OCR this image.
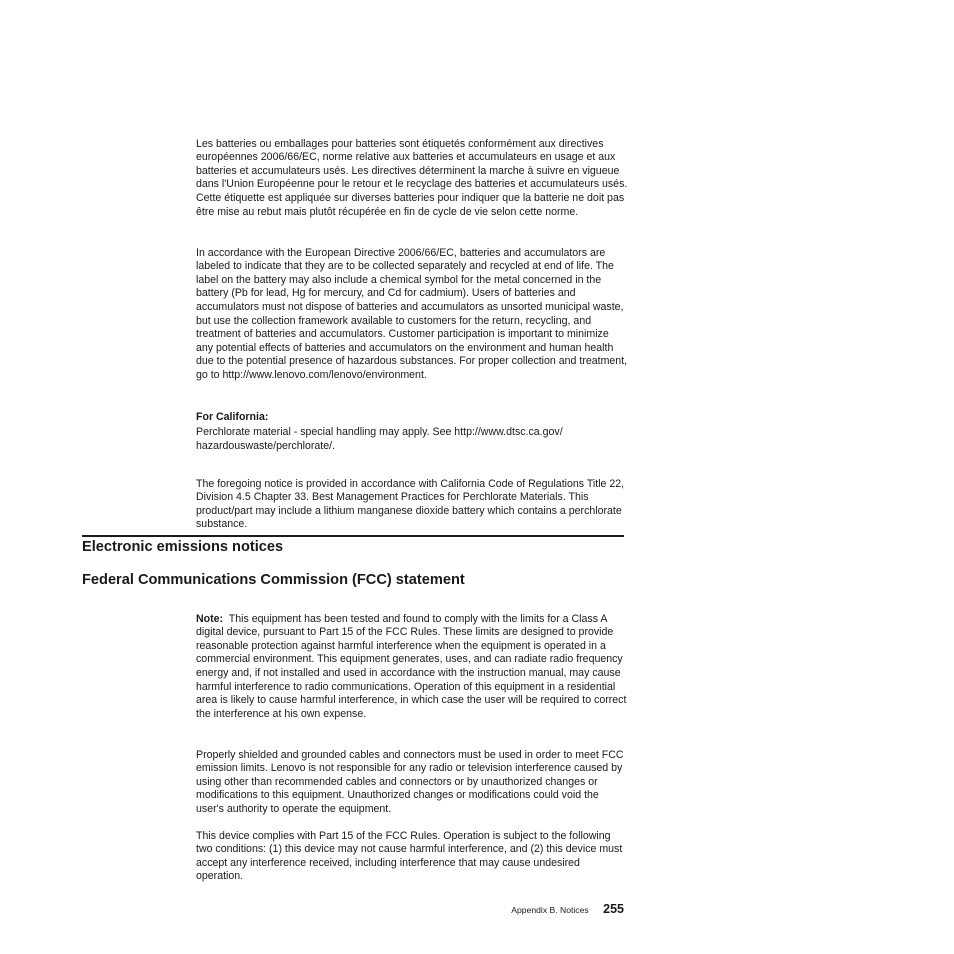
Les batteries ou emballages pour batteries sont étiquetés conformément aux directives européennes 2006/66/EC, norme relative aux batteries et accumulateurs en usage et aux batteries et accumulateurs usés. Les directives déterminent la marche à suivre en vigueue dans l'Union Européenne pour le retour et le recyclage des batteries et accumulateurs usés. Cette étiquette est appliquée sur diverses batteries pour indiquer que la batterie ne doit pas être mise au rebut mais plutôt récupérée en fin de cycle de vie selon cette norme.

In accordance with the European Directive 2006/66/EC, batteries and accumulators are labeled to indicate that they are to be collected separately and recycled at end of life. The label on the battery may also include a chemical symbol for the metal concerned in the battery (Pb for lead, Hg for mercury, and Cd for cadmium). Users of batteries and accumulators must not dispose of batteries and accumulators as unsorted municipal waste, but use the collection framework available to customers for the return, recycling, and treatment of batteries and accumulators. Customer participation is important to minimize any potential effects of batteries and accumulators on the environment and human health due to the potential presence of hazardous substances. For proper collection and treatment, go to http://www.lenovo.com/lenovo/environment.

For California:

Perchlorate material - special handling may apply. See http://www.dtsc.ca.gov/
hazardouswaste/perchlorate/.

The foregoing notice is provided in accordance with California Code of Regulations Title 22, Division 4.5 Chapter 33. Best Management Practices for Perchlorate Materials. This product/part may include a lithium manganese dioxide battery which contains a perchlorate substance.

Electronic emissions notices
Federal Communications Commission (FCC) statement

Note: This equipment has been tested and found to comply with the limits for a Class A digital device, pursuant to Part 15 of the FCC Rules. These limits are designed to provide reasonable protection against harmful interference when the equipment is operated in a commercial environment. This equipment generates, uses, and can radiate radio frequency energy and, if not installed and used in accordance with the instruction manual, may cause harmful interference to radio communications. Operation of this equipment in a residential area is likely to cause harmful interference, in which case the user will be required to correct the interference at his own expense.

Properly shielded and grounded cables and connectors must be used in order to meet FCC emission limits. Lenovo is not responsible for any radio or television interference caused by using other than recommended cables and connectors or by unauthorized changes or modifications to this equipment. Unauthorized changes or modifications could void the user's authority to operate the equipment.

This device complies with Part 15 of the FCC Rules. Operation is subject to the following two conditions: (1) this device may not cause harmful interference, and (2) this device must accept any interference received, including interference that may cause undesired operation.

Appendix B. Notices 255
